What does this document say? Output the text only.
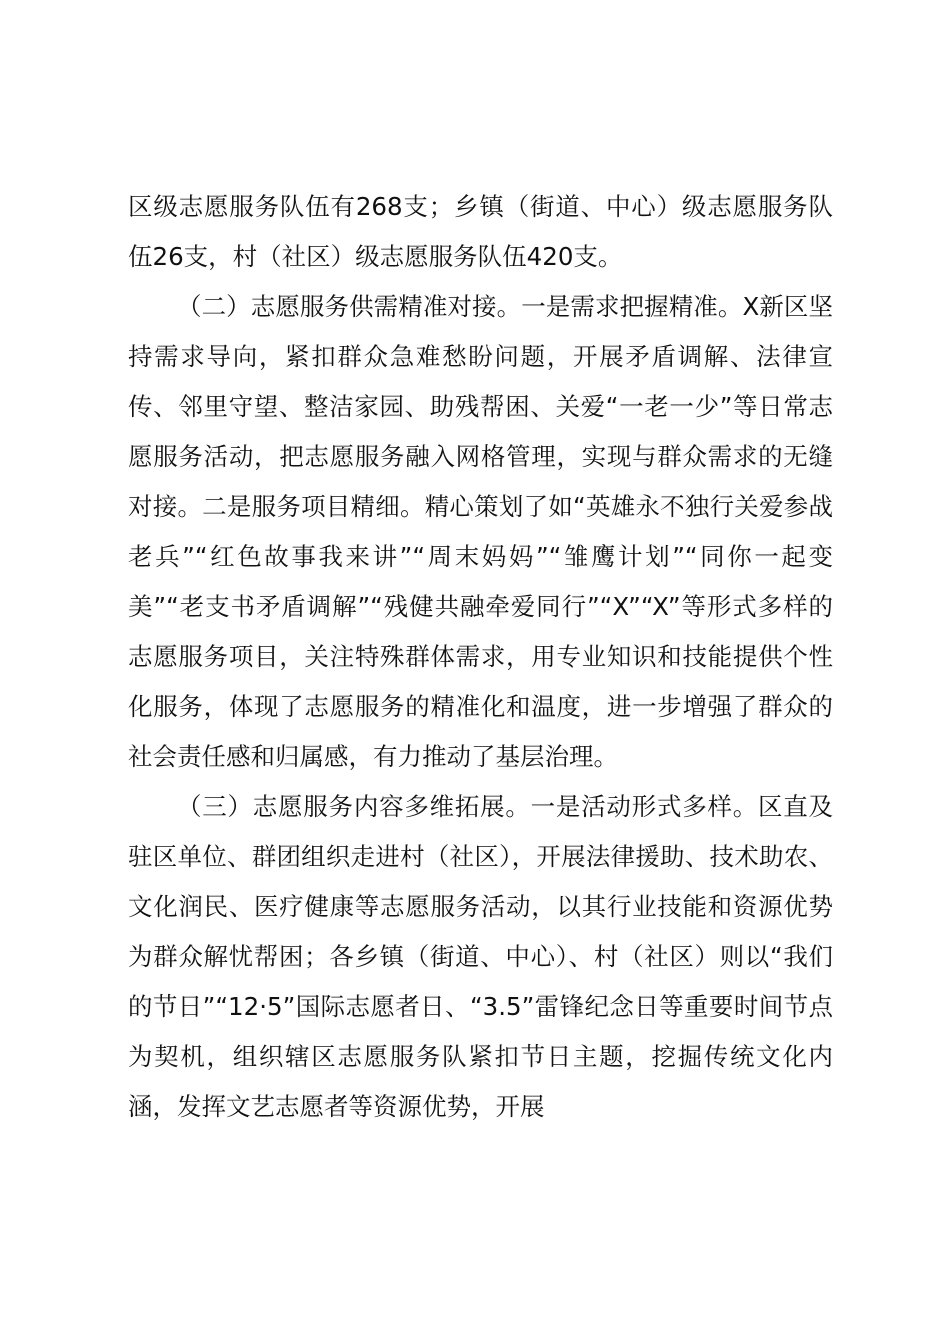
区级志愿服务队伍有268支；乡镇（街道、中心）级志愿服务队伍26支，村（社区）级志愿服务队伍420支。

（二）志愿服务供需精准对接。一是需求把握精准。X新区坚持需求导向，紧扣群众急难愁盼问题，开展矛盾调解、法律宣传、邻里守望、整洁家园、助残帮困、关爱“一老一少”等日常志愿服务活动，把志愿服务融入网格管理，实现与群众需求的无缝对接。二是服务项目精细。精心策划了如“英雄永不独行关爱参战老兵”“红色故事我来讲”“周末妈妈”“雏鹰计划”“同你一起变美”“老支书矛盾调解”“残健共融牵爱同行”“X”“X”等形式多样的志愿服务项目，关注特殊群体需求，用专业知识和技能提供个性化服务，体现了志愿服务的精准化和温度，进一步增强了群众的社会责任感和归属感，有力推动了基层治理。

（三）志愿服务内容多维拓展。一是活动形式多样。区直及驻区单位、群团组织走进村（社区），开展法律援助、技术助农、文化润民、医疗健康等志愿服务活动，以其行业技能和资源优势为群众解忧帮困；各乡镇（街道、中心）、村（社区）则以“我们的节日”“12·5”国际志愿者日、“3.5”雷锋纪念日等重要时间节点为契机，组织辖区志愿服务队紧扣节日主题，挖掘传统文化内涵，发挥文艺志愿者等资源优势，开展
